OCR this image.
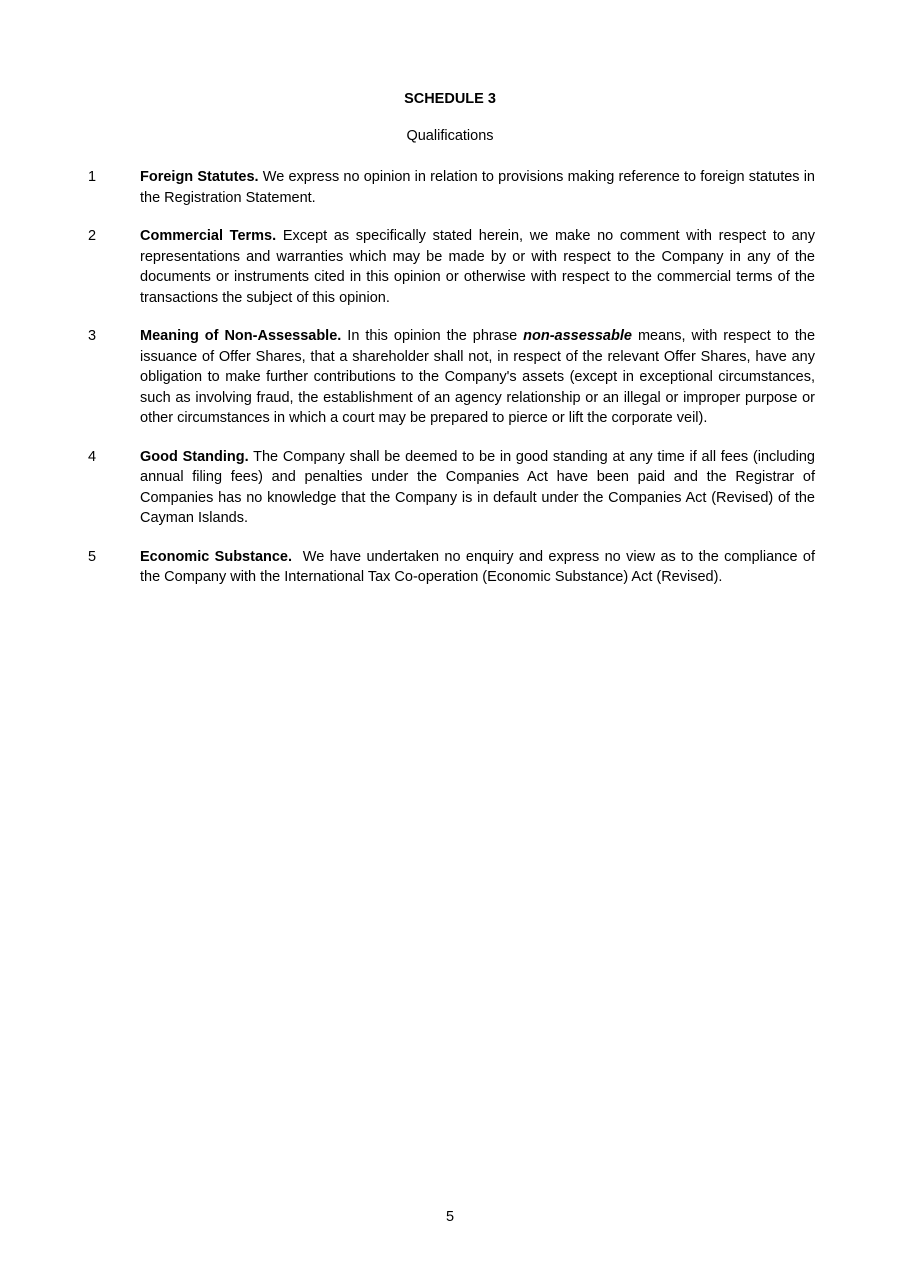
SCHEDULE 3
Qualifications
1	Foreign Statutes. We express no opinion in relation to provisions making reference to foreign statutes in the Registration Statement.
2	Commercial Terms. Except as specifically stated herein, we make no comment with respect to any representations and warranties which may be made by or with respect to the Company in any of the documents or instruments cited in this opinion or otherwise with respect to the commercial terms of the transactions the subject of this opinion.
3	Meaning of Non-Assessable. In this opinion the phrase non-assessable means, with respect to the issuance of Offer Shares, that a shareholder shall not, in respect of the relevant Offer Shares, have any obligation to make further contributions to the Company's assets (except in exceptional circumstances, such as involving fraud, the establishment of an agency relationship or an illegal or improper purpose or other circumstances in which a court may be prepared to pierce or lift the corporate veil).
4	Good Standing. The Company shall be deemed to be in good standing at any time if all fees (including annual filing fees) and penalties under the Companies Act have been paid and the Registrar of Companies has no knowledge that the Company is in default under the Companies Act (Revised) of the Cayman Islands.
5	Economic Substance. We have undertaken no enquiry and express no view as to the compliance of the Company with the International Tax Co-operation (Economic Substance) Act (Revised).
5
